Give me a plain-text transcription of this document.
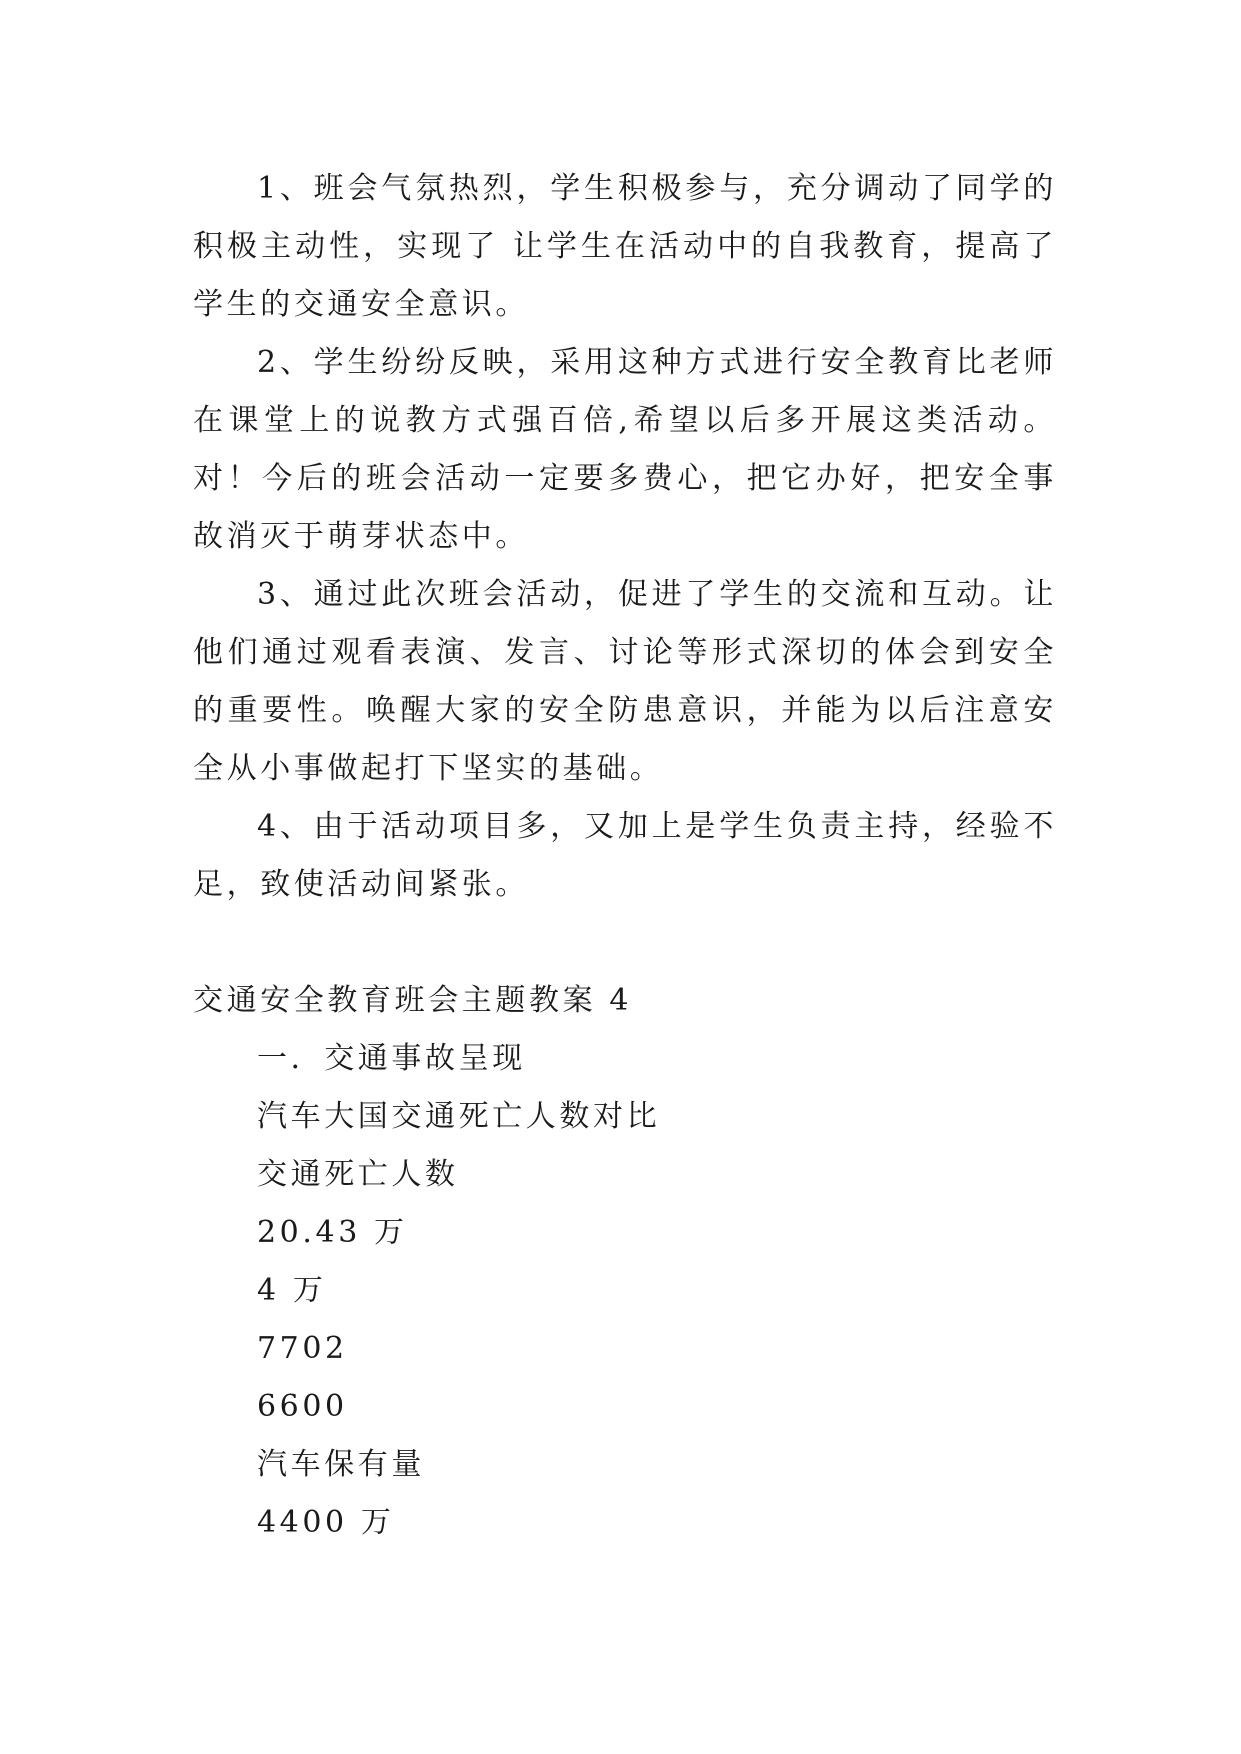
1、班会气氛热烈，学生积极参与，充分调动了同学的积极主动性，实现了 让学生在活动中的自我教育，提高了学生的交通安全意识。

2、学生纷纷反映，采用这种方式进行安全教育比老师在课堂上的说教方式强百倍,希望以后多开展这类活动。对！今后的班会活动一定要多费心，把它办好，把安全事故消灭于萌芽状态中。

3、通过此次班会活动，促进了学生的交流和互动。让他们通过观看表演、发言、讨论等形式深切的体会到安全的重要性。唤醒大家的安全防患意识，并能为以后注意安全从小事做起打下坚实的基础。

4、由于活动项目多，又加上是学生负责主持，经验不足，致使活动间紧张。

交通安全教育班会主题教案 4

一．交通事故呈现

汽车大国交通死亡人数对比

交通死亡人数

20.43 万

4 万

7702

6600

汽车保有量

4400 万
